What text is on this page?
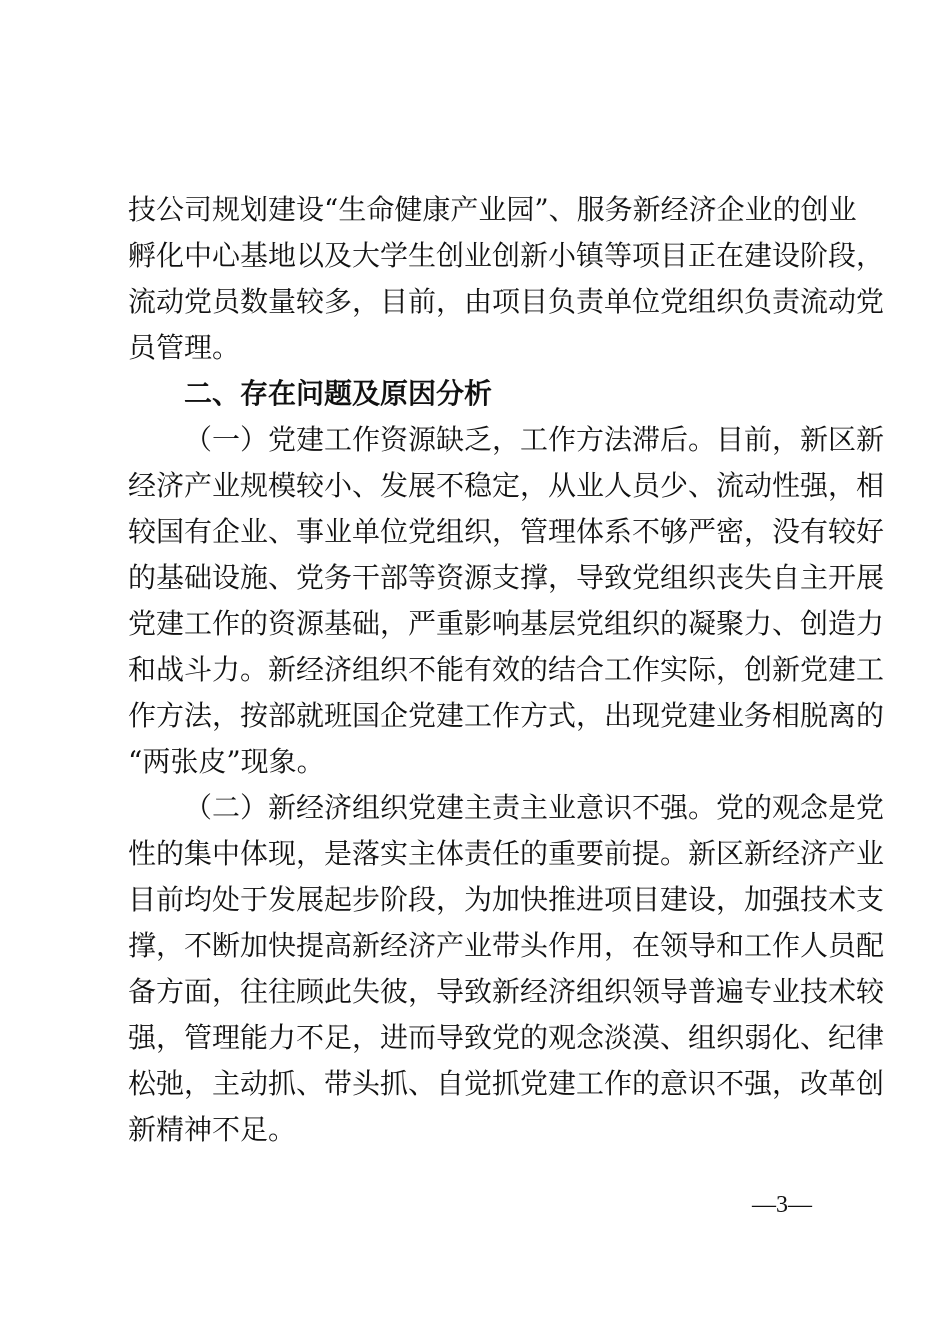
技公司规划建设“生命健康产业园”、服务新经济企业的创业
孵化中心基地以及大学生创业创新小镇等项目正在建设阶段，
流动党员数量较多，目前，由项目负责单位党组织负责流动党
员管理。
二、存在问题及原因分析
（一）党建工作资源缺乏，工作方法滞后。目前，新区新
经济产业规模较小、发展不稳定，从业人员少、流动性强，相
较国有企业、事业单位党组织，管理体系不够严密，没有较好
的基础设施、党务干部等资源支撑，导致党组织丧失自主开展
党建工作的资源基础，严重影响基层党组织的凝聚力、创造力
和战斗力。新经济组织不能有效的结合工作实际，创新党建工
作方法，按部就班国企党建工作方式，出现党建业务相脱离的
“两张皮”现象。
（二）新经济组织党建主责主业意识不强。党的观念是党
性的集中体现，是落实主体责任的重要前提。新区新经济产业
目前均处于发展起步阶段，为加快推进项目建设，加强技术支
撑，不断加快提高新经济产业带头作用，在领导和工作人员配
备方面，往往顾此失彼，导致新经济组织领导普遍专业技术较
强，管理能力不足，进而导致党的观念淡漠、组织弱化、纪律
松弛，主动抓、带头抓、自觉抓党建工作的意识不强，改革创
新精神不足。
—3—
